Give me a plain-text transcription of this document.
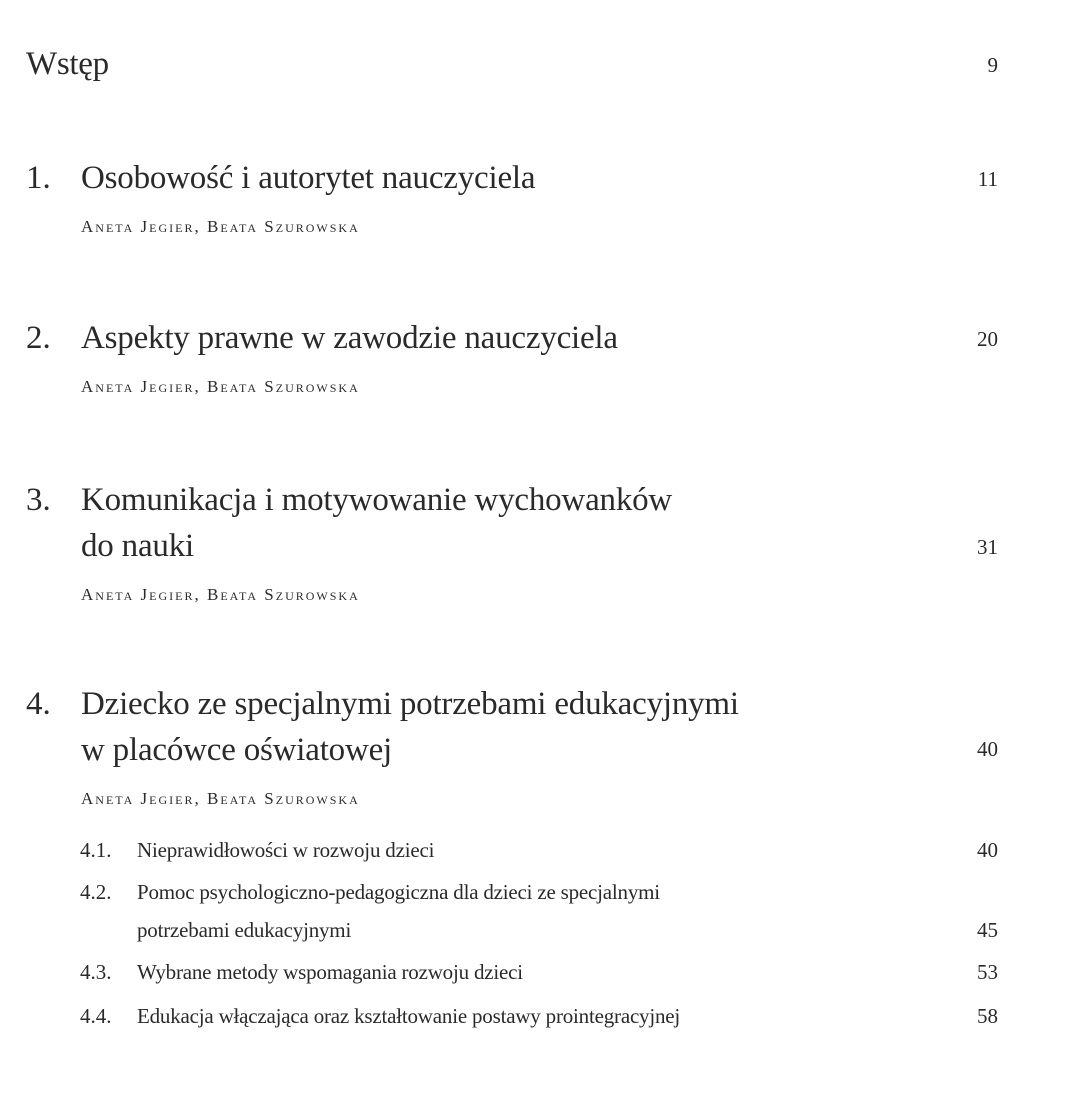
Wstęp	9
1. Osobowość i autorytet nauczyciela	11
Aneta Jegier, Beata Szurowska
2. Aspekty prawne w zawodzie nauczyciela	20
Aneta Jegier, Beata Szurowska
3. Komunikacja i motywowanie wychowanków
do nauki	31
Aneta Jegier, Beata Szurowska
4. Dziecko ze specjalnymi potrzebami edukacyjnymi
w placówce oświatowej	40
Aneta Jegier, Beata Szurowska
4.1. Nieprawidłowości w rozwoju dzieci	40
4.2. Pomoc psychologiczno-pedagogiczna dla dzieci ze specjalnymi
potrzebami edukacyjnymi	45
4.3. Wybrane metody wspomagania rozwoju dzieci	53
4.4. Edukacja włączająca oraz kształtowanie postawy prointegracyjnej	58
